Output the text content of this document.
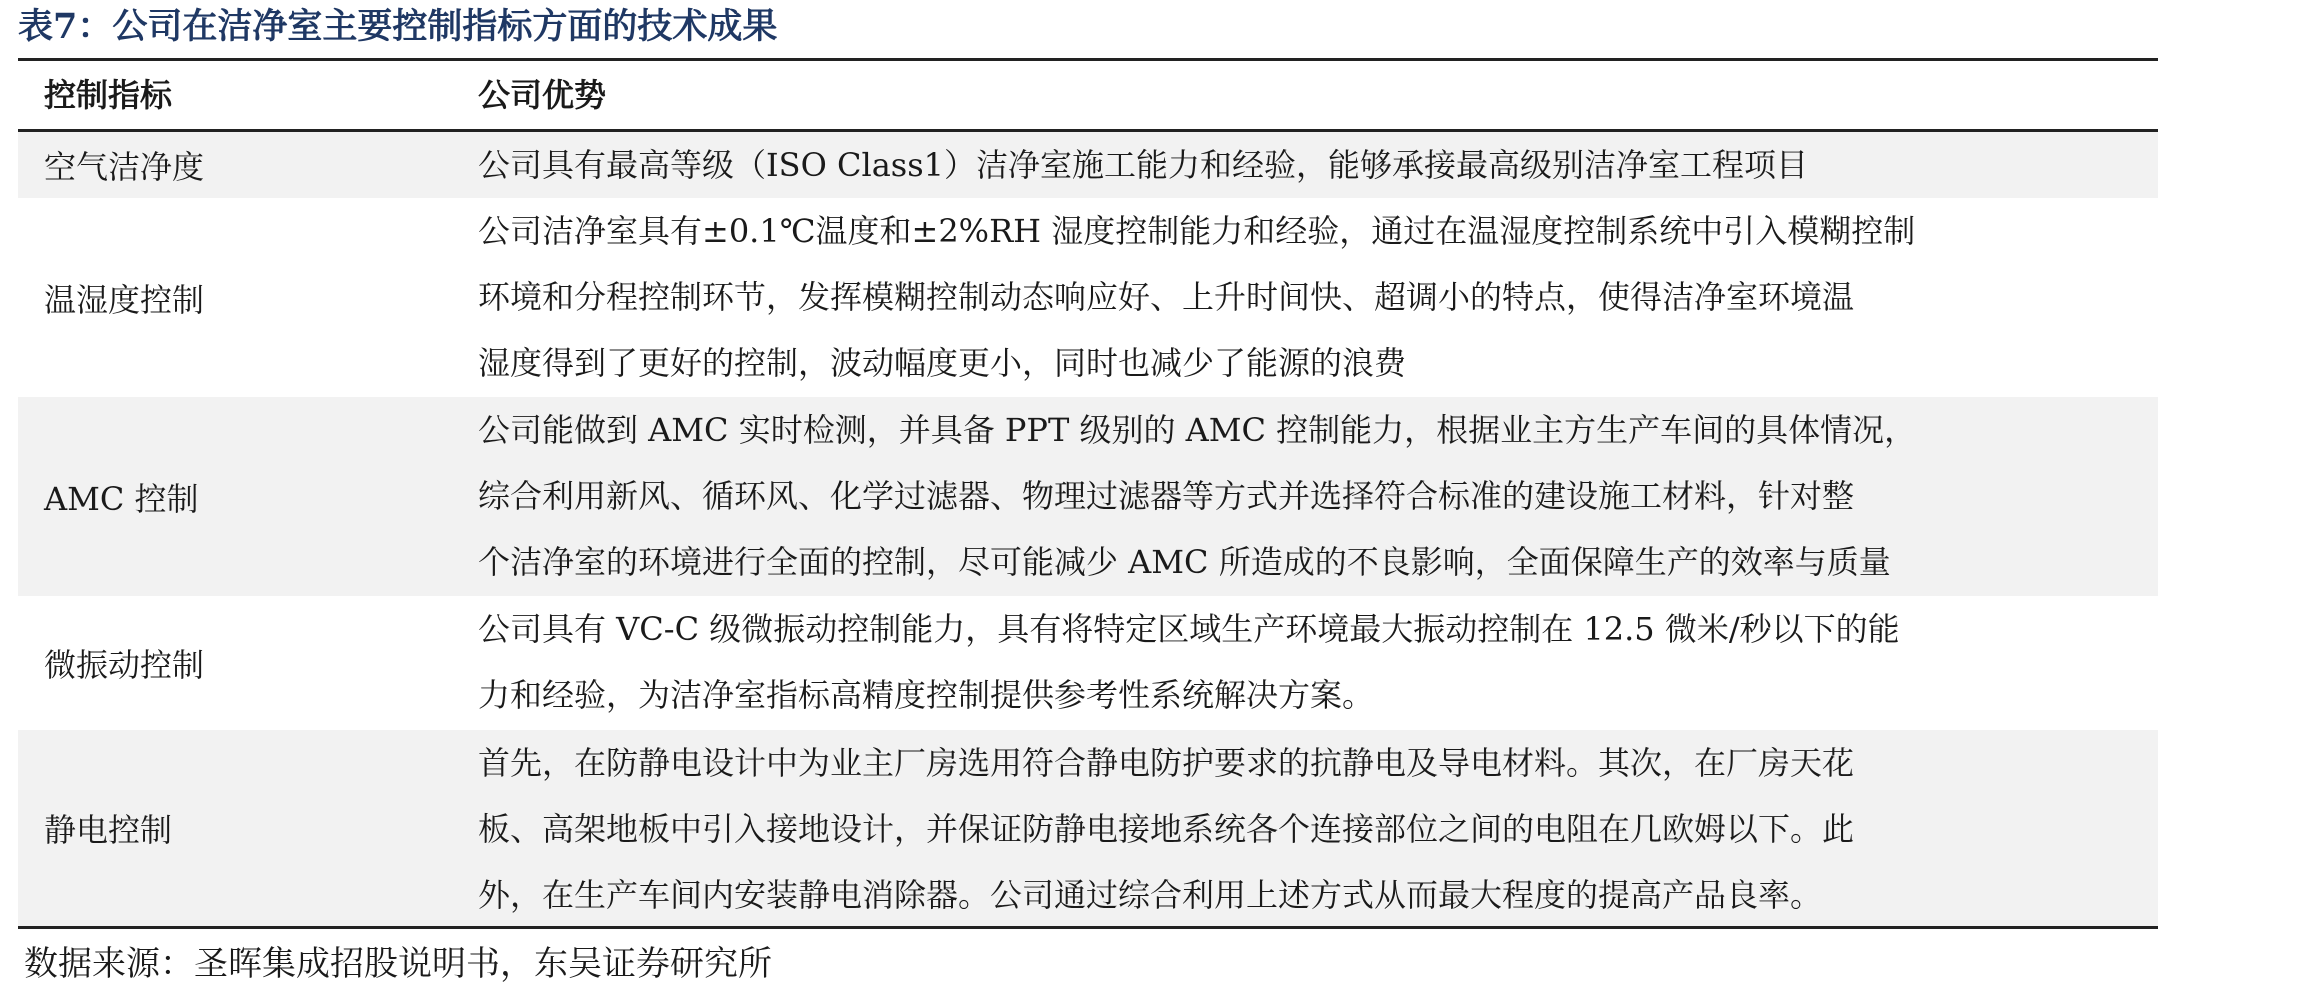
表7：公司在洁净室主要控制指标方面的技术成果
控制指标	公司优势
空气洁净度	公司具有最高等级（ISO Class1）洁净室施工能力和经验，能够承接最高级别洁净室工程项目
温湿度控制
公司洁净室具有±0.1℃温度和±2%RH 湿度控制能力和经验，通过在温湿度控制系统中引入模糊控制
环境和分程控制环节，发挥模糊控制动态响应好、上升时间快、超调小的特点，使得洁净室环境温
湿度得到了更好的控制，波动幅度更小，同时也减少了能源的浪费
AMC 控制
公司能做到 AMC 实时检测，并具备 PPT 级别的 AMC 控制能力，根据业主方生产车间的具体情况，
综合利用新风、循环风、化学过滤器、物理过滤器等方式并选择符合标准的建设施工材料，针对整
个洁净室的环境进行全面的控制，尽可能减少 AMC 所造成的不良影响，全面保障生产的效率与质量
微振动控制
公司具有 VC-C 级微振动控制能力，具有将特定区域生产环境最大振动控制在 12.5 微米/秒以下的能
力和经验，为洁净室指标高精度控制提供参考性系统解决方案。
静电控制
首先，在防静电设计中为业主厂房选用符合静电防护要求的抗静电及导电材料。其次，在厂房天花
板、高架地板中引入接地设计，并保证防静电接地系统各个连接部位之间的电阻在几欧姆以下。此
外，在生产车间内安装静电消除器。公司通过综合利用上述方式从而最大程度的提高产品良率。
数据来源：圣晖集成招股说明书，东吴证券研究所
